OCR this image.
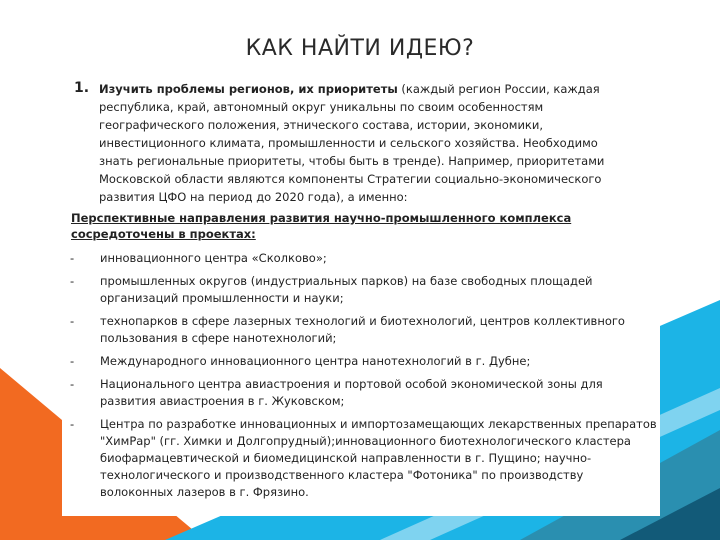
КАК НАЙТИ ИДЕЮ?
1. Изучить проблемы регионов, их приоритеты (каждый регион России, каждая республика, край, автономный округ уникальны по своим особенностям географического положения, этнического состава, истории, экономики, инвестиционного климата, промышленности и сельского хозяйства. Необходимо знать региональные приоритеты, чтобы быть в тренде). Например, приоритетами Московской области являются компоненты Стратегии социально-экономического развития ЦФО на период до 2020 года), а именно:
Перспективные направления развития научно-промышленного комплекса сосредоточены в проектах:
- инновационного центра «Сколково»;
- промышленных округов (индустриальных парков) на базе свободных площадей организаций промышленности и науки;
- технопарков в сфере лазерных технологий и биотехнологий, центров коллективного пользования в сфере нанотехнологий;
- Международного инновационного центра нанотехнологий в г. Дубне;
- Национального центра авиастроения и портовой особой экономической зоны для развития авиастроения в г. Жуковском;
- Центра по разработке инновационных и импортозамещающих лекарственных препаратов "ХимРар" (гг. Химки и Долгопрудный);инновационного биотехнологического кластера биофармацевтической и биомедицинской направленности в г. Пущино; научно-технологического и производственного кластера "Фотоника" по производству волоконных лазеров в г. Фрязино.
